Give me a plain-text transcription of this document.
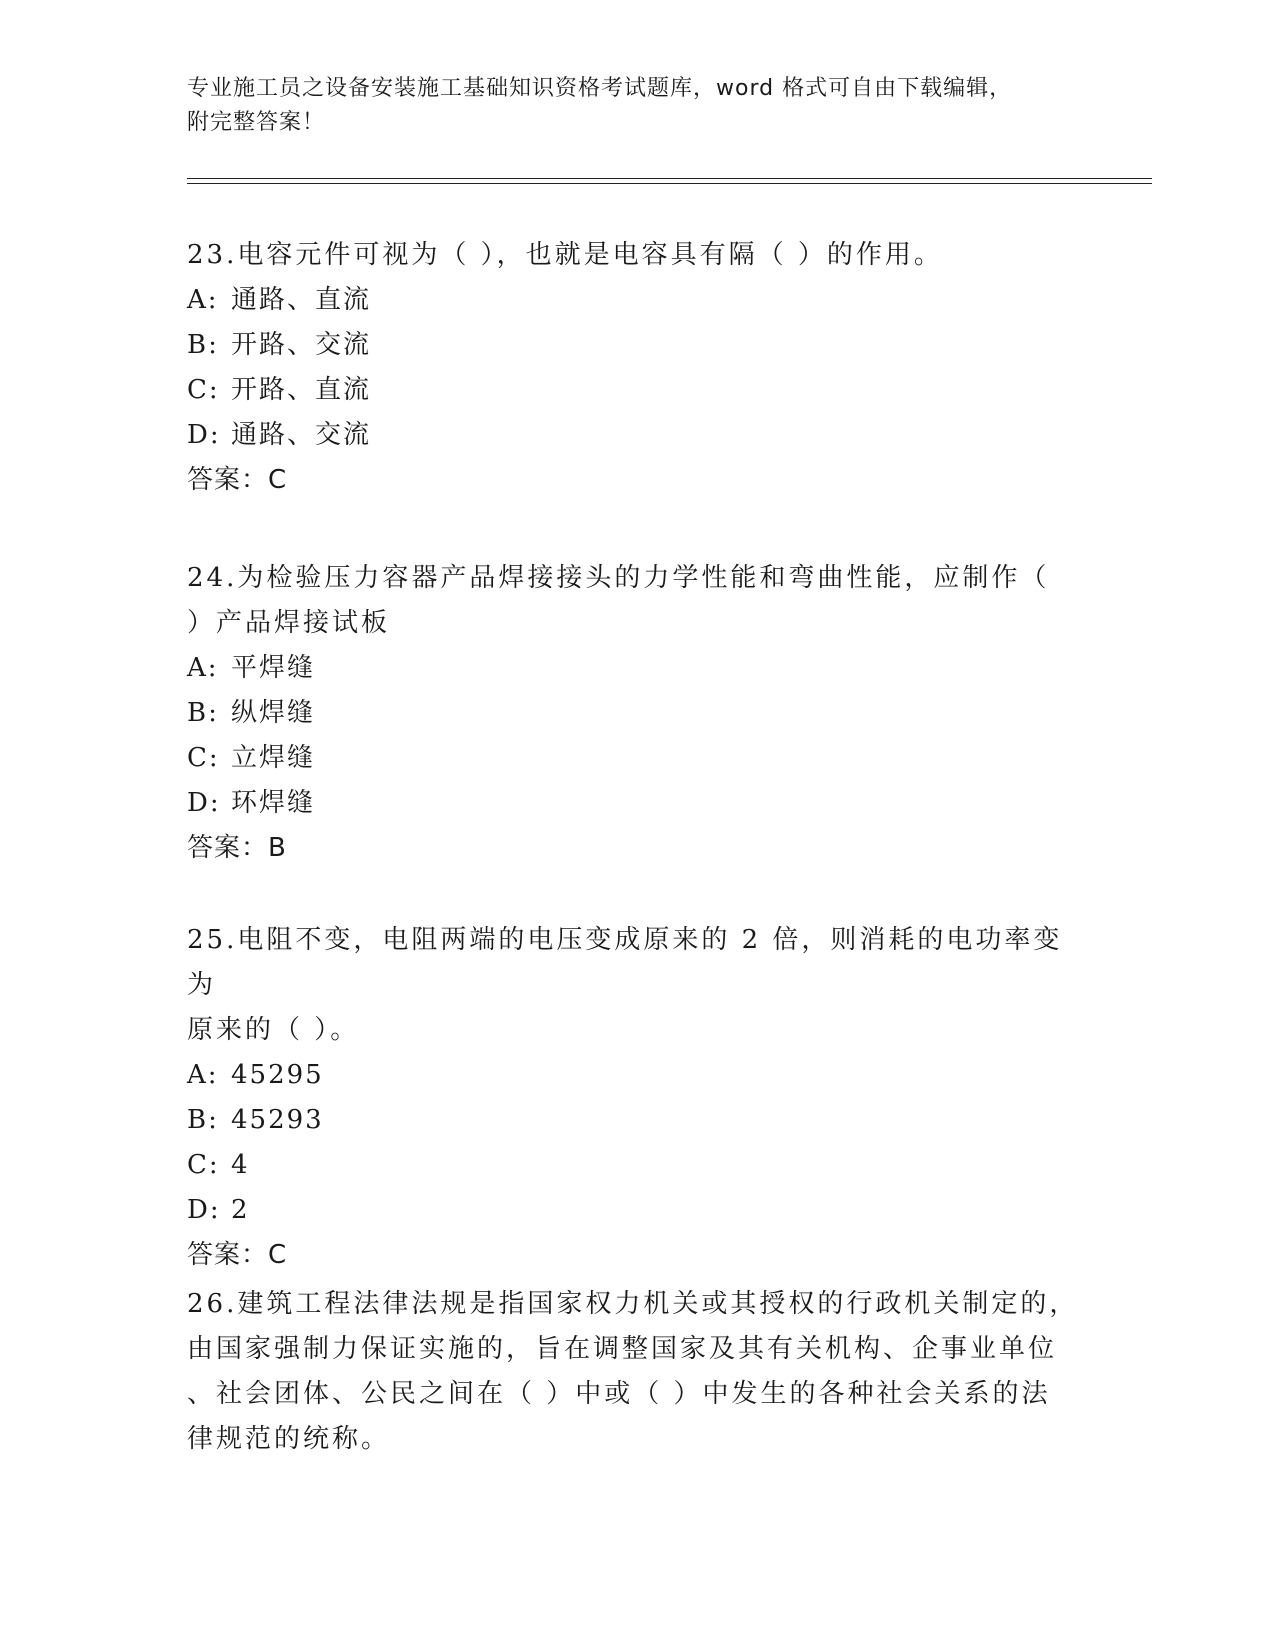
专业施工员之设备安装施工基础知识资格考试题库，word 格式可自由下载编辑，
附完整答案！
23.电容元件可视为（ ），也就是电容具有隔（ ）的作用。
A: 通路、直流
B: 开路、交流
C: 开路、直流
D: 通路、交流
答案：C
24.为检验压力容器产品焊接接头的力学性能和弯曲性能，应制作（
）产品焊接试板
A: 平焊缝
B: 纵焊缝
C: 立焊缝
D: 环焊缝
答案：B
25.电阻不变，电阻两端的电压变成原来的 2 倍，则消耗的电功率变为
原来的（ ）。
A: 45295
B: 45293
C: 4
D: 2
答案：C
26.建筑工程法律法规是指国家权力机关或其授权的行政机关制定的，
由国家强制力保证实施的，旨在调整国家及其有关机构、企事业单位
、社会团体、公民之间在（ ）中或（ ）中发生的各种社会关系的法
律规范的统称。
